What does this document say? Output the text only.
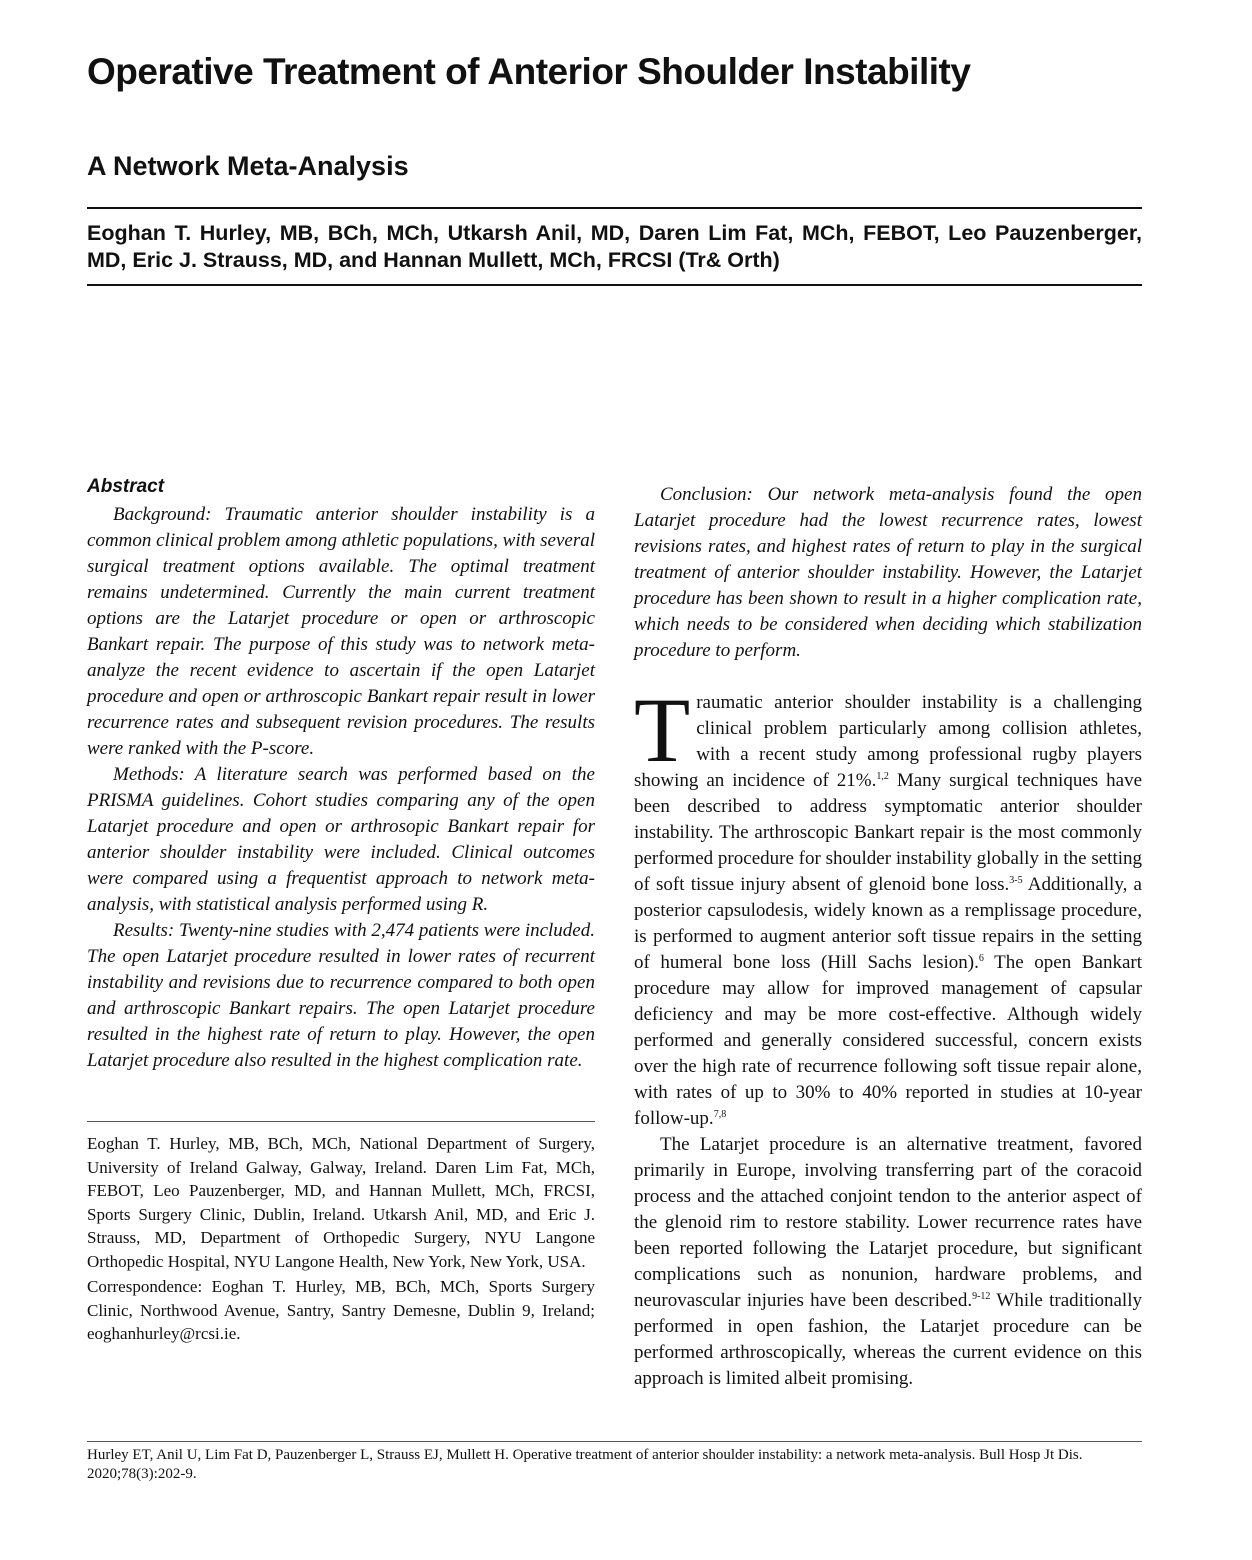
Operative Treatment of Anterior Shoulder Instability
A Network Meta-Analysis

Eoghan T. Hurley, MB, BCh, MCh, Utkarsh Anil, MD, Daren Lim Fat, MCh, FEBOT, Leo Pauzenberger, MD, Eric J. Strauss, MD, and Hannan Mullett, MCh, FRCSI (Tr& Orth)

Abstract

Background: Traumatic anterior shoulder instability is a common clinical problem among athletic populations, with several surgical treatment options available. The optimal treatment remains undetermined. Currently the main current treatment options are the Latarjet procedure or open or arthroscopic Bankart repair. The purpose of this study was to network meta-analyze the recent evidence to ascertain if the open Latarjet procedure and open or arthroscopic Bankart repair result in lower recurrence rates and subsequent revision procedures. The results were ranked with the P-score.

Methods: A literature search was performed based on the PRISMA guidelines. Cohort studies comparing any of the open Latarjet procedure and open or arthrosopic Bankart repair for anterior shoulder instability were included. Clinical outcomes were compared using a frequentist approach to network meta-analysis, with statistical analysis performed using R.

Results: Twenty-nine studies with 2,474 patients were included. The open Latarjet procedure resulted in lower rates of recurrent instability and revisions due to recurrence compared to both open and arthroscopic Bankart repairs. The open Latarjet procedure resulted in the highest rate of return to play. However, the open Latarjet procedure also resulted in the highest complication rate.

Eoghan T. Hurley, MB, BCh, MCh, National Department of Surgery, University of Ireland Galway, Galway, Ireland. Daren Lim Fat, MCh, FEBOT, Leo Pauzenberger, MD, and Hannan Mullett, MCh, FRCSI, Sports Surgery Clinic, Dublin, Ireland. Utkarsh Anil, MD, and Eric J. Strauss, MD, Department of Orthopedic Surgery, NYU Langone Orthopedic Hospital, NYU Langone Health, New York, New York, USA.

Correspondence: Eoghan T. Hurley, MB, BCh, MCh, Sports Surgery Clinic, Northwood Avenue, Santry, Santry Demesne, Dublin 9, Ireland; eoghanhurley@rcsi.ie.

Conclusion: Our network meta-analysis found the open Latarjet procedure had the lowest recurrence rates, lowest revisions rates, and highest rates of return to play in the surgical treatment of anterior shoulder instability. However, the Latarjet procedure has been shown to result in a higher complication rate, which needs to be considered when deciding which stabilization procedure to perform.

Traumatic anterior shoulder instability is a challenging clinical problem particularly among collision athletes, with a recent study among professional rugby players showing an incidence of 21%.$^{1,2}$ Many surgical techniques have been described to address symptomatic anterior shoulder instability. The arthroscopic Bankart repair is the most commonly performed procedure for shoulder instability globally in the setting of soft tissue injury absent of glenoid bone loss.$^{3-5}$ Additionally, a posterior capsulodesis, widely known as a remplissage procedure, is performed to augment anterior soft tissue repairs in the setting of humeral bone loss (Hill Sachs lesion).$^6$ The open Bankart procedure may allow for improved management of capsular deficiency and may be more cost-effective. Although widely performed and generally considered successful, concern exists over the high rate of recurrence following soft tissue repair alone, with rates of up to 30% to 40% reported in studies at 10-year follow-up.$^{7,8}$

The Latarjet procedure is an alternative treatment, favored primarily in Europe, involving transferring part of the coracoid process and the attached conjoint tendon to the anterior aspect of the glenoid rim to restore stability. Lower recurrence rates have been reported following the Latarjet procedure, but significant complications such as nonunion, hardware problems, and neurovascular injuries have been described.$^{9-12}$ While traditionally performed in open fashion, the Latarjet procedure can be performed arthroscopically, whereas the current evidence on this approach is limited albeit promising.

Hurley ET, Anil U, Lim Fat D, Pauzenberger L, Strauss EJ, Mullett H. Operative treatment of anterior shoulder instability: a network meta-analysis. Bull Hosp Jt Dis. 2020;78(3):202-9.
